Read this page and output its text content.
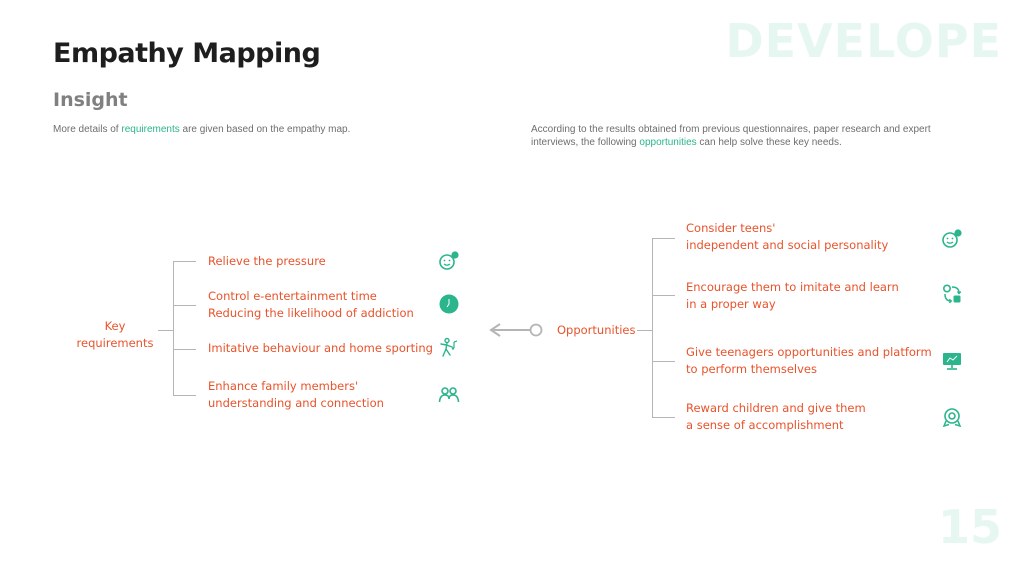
DEVELOPE
15
Empathy Mapping
Insight
More details of requirements are given based on the empathy map.	According to the results obtained from previous questionnaires, paper research and expert
interviews, the following opportunities can help solve these key needs.
Key
requirements
Relieve the pressure
Control e-entertainment time
Reducing the likelihood of addiction
Imitative behaviour and home sporting
Enhance family members'
understanding and connection
Opportunities
Consider teens'
independent and social personality
Encourage them to imitate and learn
in a proper way
Give teenagers opportunities and platform
to perform themselves
Reward children and give them
a sense of accomplishment
